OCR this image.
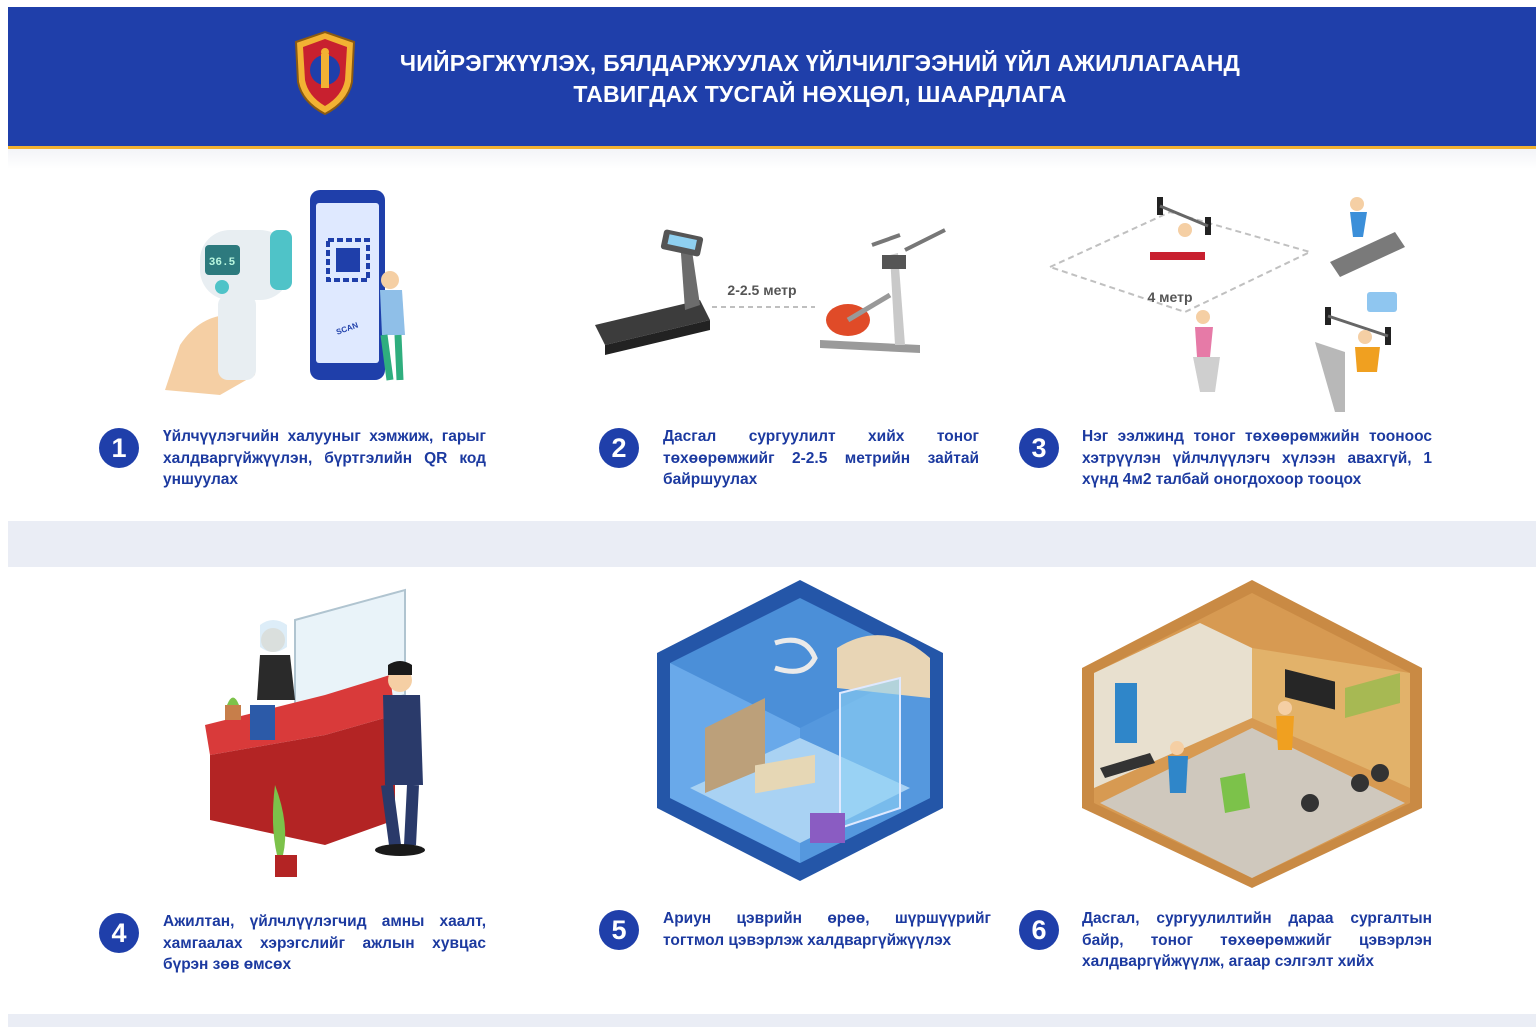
ЧИЙРЭГЖҮҮЛЭХ, БЯЛДАРЖУУЛАХ ҮЙЛЧИЛГЭЭНИЙ ҮЙЛ АЖИЛЛАГААНД
ТАВИГДАХ ТУСГАЙ НӨХЦӨЛ, ШААРДЛАГА
36.5
SCAN
1	Үйлчүүлэгчийн халууныг хэмжиж, гарыг халдваргүйжүүлэн, бүртгэлийн QR код уншуулах
2-2.5 метр
2	Дасгал сургуулилт хийх тоног төхөөрөмжийг 2-2.5 метрийн зайтай байршуулах
4 метр
3	Нэг ээлжинд тоног төхөөрөмжийн тооноос хэтрүүлэн үйлчлүүлэгч хүлээн авахгүй, 1 хүнд 4м2 талбай оногдохоор тооцох
4	Ажилтан, үйлчлүүлэгчид амны хаалт, хамгаалах хэрэгслийг ажлын хувцас бүрэн зөв өмсөх
5	Ариун цэврийн өрөө, шүршүүрийг тогтмол цэвэрлэж халдваргүйжүүлэх	6	Дасгал, сургуулилтийн дараа сургалтын байр, тоног төхөөрөмжийг цэвэрлэн халдваргүйжүүлж, агаар сэлгэлт хийх
